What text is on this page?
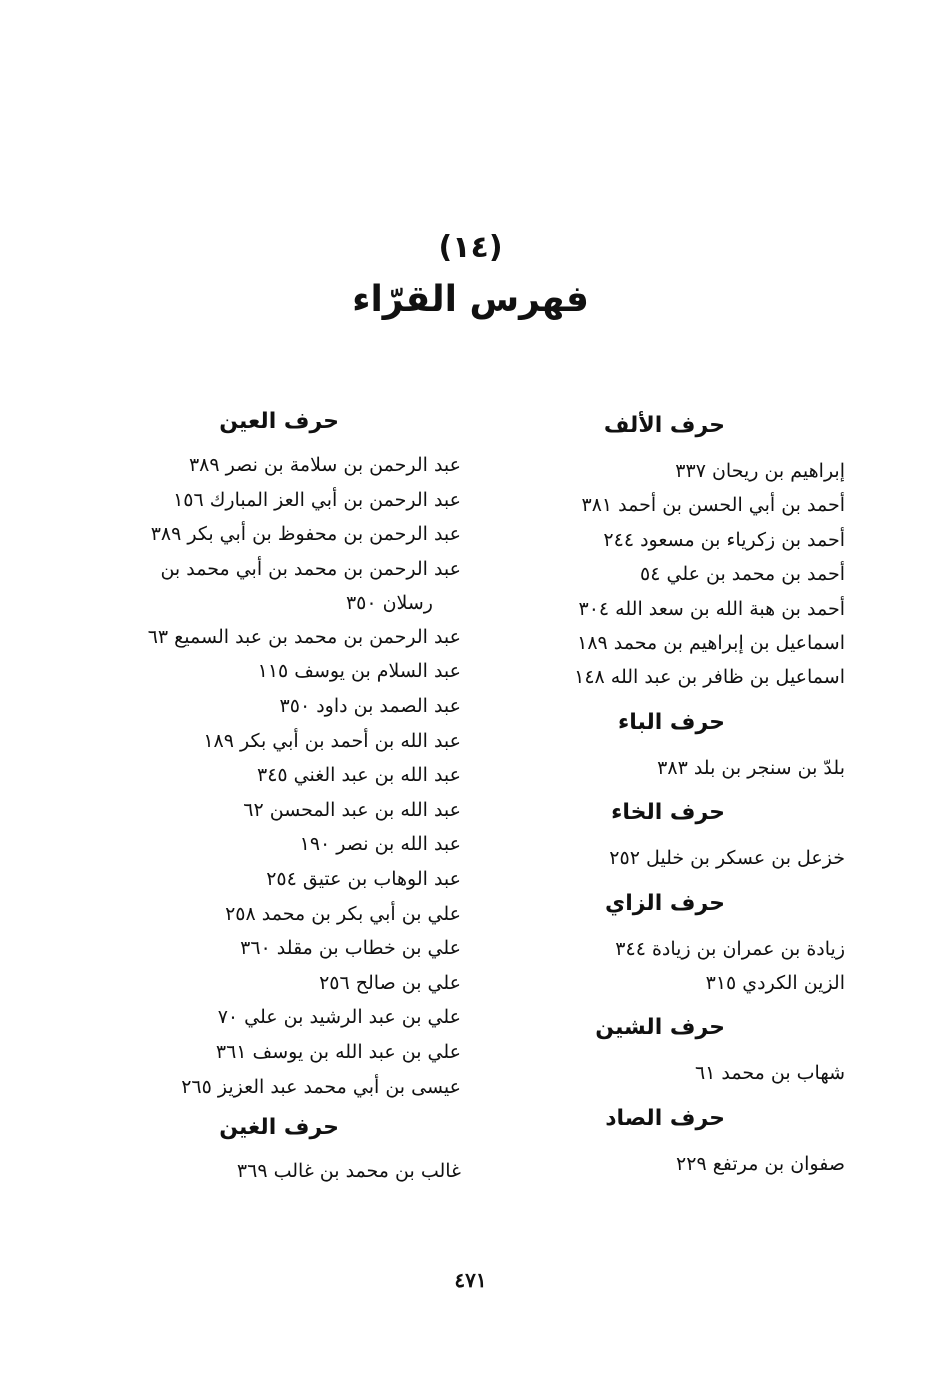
(١٤)
فهرس القرّاء
حرف الألف
إبراهيم بن ريحان ٣٣٧
أحمد بن أبي الحسن بن أحمد ٣٨١
أحمد بن زكرياء بن مسعود ٢٤٤
أحمد بن محمد بن علي ٥٤
أحمد بن هبة الله بن سعد الله ٣٠٤
اسماعيل بن إبراهيم بن محمد ١٨٩
اسماعيل بن ظافر بن عبد الله ١٤٨
حرف الباء
بلدّ بن سنجر بن بلد ٣٨٣
حرف الخاء
خزعل بن عسكر بن خليل ٢٥٢
حرف الزاي
زيادة بن عمران بن زيادة ٣٤٤
الزين الكردي ٣١٥
حرف الشين
شهاب بن محمد ٦١
حرف الصاد
صفوان بن مرتفع ٢٢٩
حرف العين
عبد الرحمن بن سلامة بن نصر ٣٨٩
عبد الرحمن بن أبي العز المبارك ١٥٦
عبد الرحمن بن محفوظ بن أبي بكر ٣٨٩
عبد الرحمن بن محمد بن أبي محمد بن
رسلان ٣٥٠
عبد الرحمن بن محمد بن عبد السميع ٦٣
عبد السلام بن يوسف ١١٥
عبد الصمد بن داود ٣٥٠
عبد الله بن أحمد بن أبي بكر ١٨٩
عبد الله بن عبد الغني ٣٤٥
عبد الله بن عبد المحسن ٦٢
عبد الله بن نصر ١٩٠
عبد الوهاب بن عتيق ٢٥٤
علي بن أبي بكر بن محمد ٢٥٨
علي بن خطاب بن مقلد ٣٦٠
علي بن صالح ٢٥٦
علي بن عبد الرشيد بن علي ٧٠
علي بن عبد الله بن يوسف ٣٦١
عيسى بن أبي محمد عبد العزيز ٢٦٥
حرف الغين
غالب بن محمد بن غالب ٣٦٩
٤٧١
